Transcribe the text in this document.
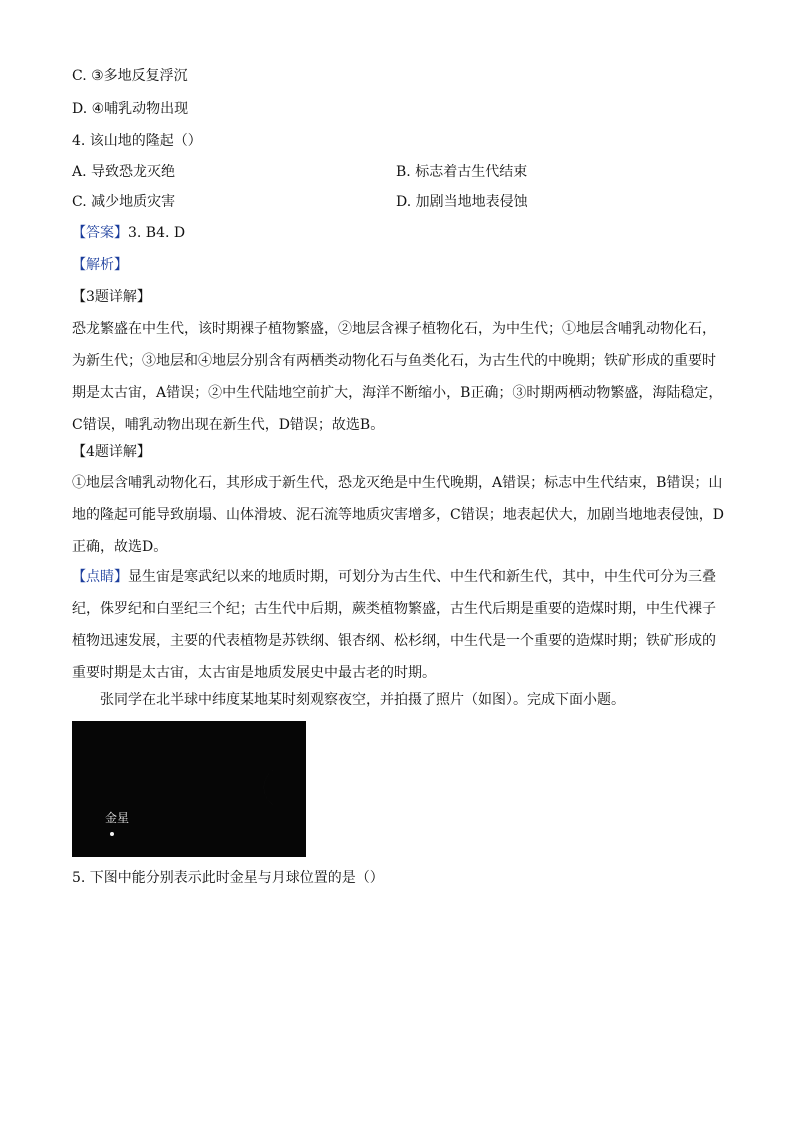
C. ③多地反复浮沉
D. ④哺乳动物出现
4. 该山地的隆起（）
A. 导致恐龙灭绝	B. 标志着古生代结束
C. 减少地质灾害	D. 加剧当地地表侵蚀
【答案】3. B4. D
【解析】
【3题详解】
恐龙繁盛在中生代，该时期裸子植物繁盛，②地层含裸子植物化石，为中生代；①地层含哺乳动物化石，
为新生代；③地层和④地层分别含有两栖类动物化石与鱼类化石，为古生代的中晚期；铁矿形成的重要时
期是太古宙，A错误；②中生代陆地空前扩大，海洋不断缩小，B正确；③时期两栖动物繁盛，海陆稳定，
C错误，哺乳动物出现在新生代，D错误；故选B。
【4题详解】
①地层含哺乳动物化石，其形成于新生代，恐龙灭绝是中生代晚期，A错误；标志中生代结束，B错误；山
地的隆起可能导致崩塌、山体滑坡、泥石流等地质灾害增多，C错误；地表起伏大，加剧当地地表侵蚀，D
正确，故选D。
【点睛】显生宙是寒武纪以来的地质时期，可划分为古生代、中生代和新生代，其中，中生代可分为三叠
纪，侏罗纪和白垩纪三个纪；古生代中后期，蕨类植物繁盛，古生代后期是重要的造煤时期，中生代裸子
植物迅速发展，主要的代表植物是苏铁纲、银杏纲、松杉纲，中生代是一个重要的造煤时期；铁矿形成的
重要时期是太古宙，太古宙是地质发展史中最古老的时期。
张同学在北半球中纬度某地某时刻观察夜空，并拍摄了照片（如图）。完成下面小题。
金星
5. 下图中能分别表示此时金星与月球位置的是（）
